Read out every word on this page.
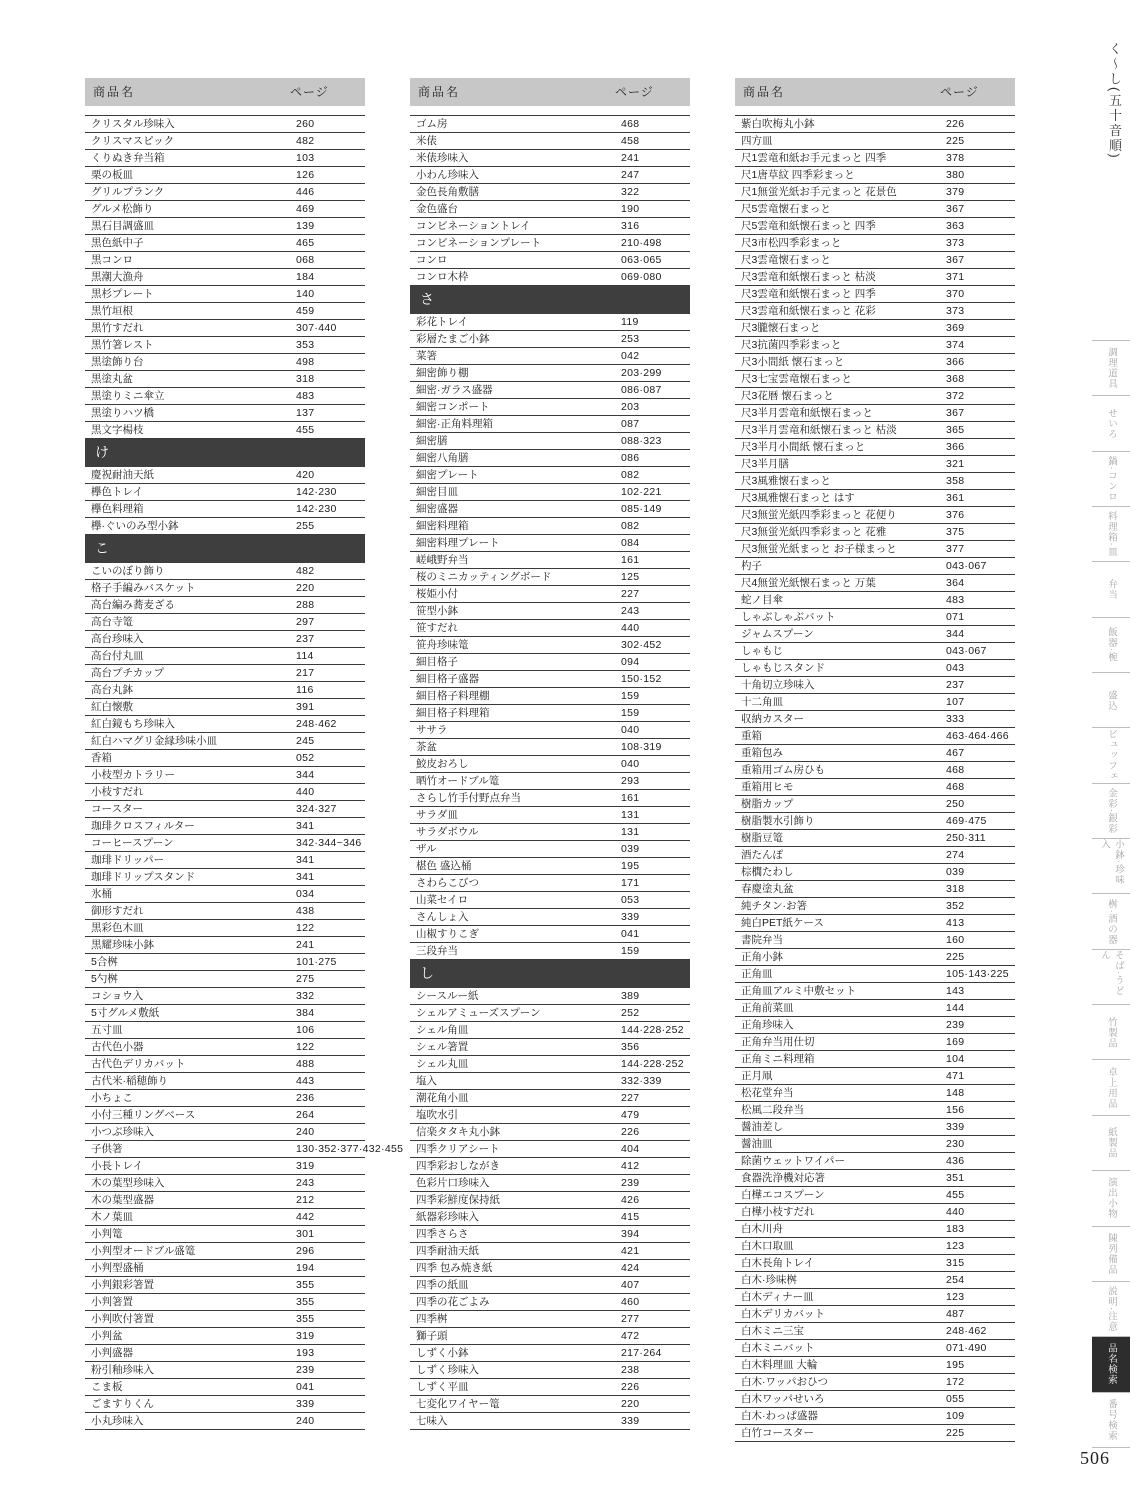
商品名	ページ
クリスタル珍味入	260
クリスマスピック	482
くりぬき弁当箱	103
栗の板皿	126
グリルプランク	446
グルメ松飾り	469
黒石目調盛皿	139
黒色紙中子	465
黒コンロ	068
黒潮大漁舟	184
黒杉プレート	140
黒竹垣根	459
黒竹すだれ	307·440
黒竹箸レスト	353
黒塗飾り台	498
黒塗丸盆	318
黒塗りミニ傘立	483
黒塗りハツ橋	137
黒文字楊枝	455
け
慶祝耐油天紙	420
欅色トレイ	142·230
欅色料理箱	142·230
欅·ぐいのみ型小鉢	255
こ
こいのぼり飾り	482
格子手編みバスケット	220
高台編み蕎麦ざる	288
高台寺篭	297
高台珍味入	237
高台付丸皿	114
高台プチカップ	217
高台丸鉢	116
紅白懐敷	391
紅白鏡もち珍味入	248·462
紅白ハマグリ金縁珍味小皿	245
香箱	052
小枝型カトラリー	344
小枝すだれ	440
コースター	324·327
珈琲クロスフィルター	341
コーヒースプーン	342·344~346
珈琲ドリッパー	341
珈琲ドリップスタンド	341
氷桶	034
御形すだれ	438
黒彩色木皿	122
黒耀珍味小鉢	241
5合桝	101·275
5勺桝	275
コショウ入	332
5寸グルメ敷紙	384
五寸皿	106
古代色小器	122
古代色デリカバット	488
古代米·稲穂飾り	443
小ちょこ	236
小付三種リングベース	264
小つぶ珍味入	240
子供箸	130·352·377·432·455
小長トレイ	319
木の葉型珍味入	243
木の葉型盛器	212
木ノ葉皿	442
小判篭	301
小判型オードブル盛篭	296
小判型盛桶	194
小判銀彩箸置	355
小判箸置	355
小判吹付箸置	355
小判盆	319
小判盛器	193
粉引釉珍味入	239
こま板	041
ごますりくん	339
小丸珍味入	240
商品名	ページ
ゴム房	468
米俵	458
米俵珍味入	241
小わん珍味入	247
金色長角敷膳	322
金色盛台	190
コンビネーショントレイ	316
コンビネーションプレート	210·498
コンロ	063·065
コンロ木枠	069·080
さ
彩花トレイ	119
彩層たまご小鉢	253
菜箸	042
細密飾り棚	203·299
細密·ガラス盛器	086·087
細密コンポート	203
細密·正角料理箱	087
細密膳	088·323
細密八角膳	086
細密プレート	082
細密目皿	102·221
細密盛器	085·149
細密料理箱	082
細密料理プレート	084
嵯峨野弁当	161
桜のミニカッティングボード	125
桜姫小付	227
笹型小鉢	243
笹すだれ	440
笹舟珍味篭	302·452
細目格子	094
細目格子盛器	150·152
細目格子料理棚	159
細目格子料理箱	159
ササラ	040
茶盆	108·319
鮫皮おろし	040
晒竹オードブル篭	293
さらし竹手付野点弁当	161
サラダ皿	131
サラダボウル	131
ザル	039
椹色 盛込桶	195
さわらこびつ	171
山菜セイロ	053
さんしょ入	339
山椒すりこぎ	041
三段弁当	159
し
シースルー紙	389
シェルアミューズスプーン	252
シェル角皿	144·228·252
シェル箸置	356
シェル丸皿	144·228·252
塩入	332·339
潮花角小皿	227
塩吹水引	479
信楽タタキ丸小鉢	226
四季クリアシート	404
四季彩おしながき	412
色彩片口珍味入	239
四季彩鮮度保持紙	426
紙器彩珍味入	415
四季さらさ	394
四季耐油天紙	421
四季 包み焼き紙	424
四季の紙皿	407
四季の花ごよみ	460
四季桝	277
獅子頭	472
しずく小鉢	217·264
しずく珍味入	238
しずく平皿	226
七変化ワイヤー篭	220
七味入	339
商品名	ページ
紫白吹梅丸小鉢	226
四方皿	225
尺1雲竜和紙お手元まっと 四季	378
尺1唐草紋 四季彩まっと	380
尺1無蛍光紙お手元まっと 花景色	379
尺5雲竜懐石まっと	367
尺5雲竜和紙懐石まっと 四季	363
尺3市松四季彩まっと	373
尺3雲竜懐石まっと	367
尺3雲竜和紙懐石まっと 枯淡	371
尺3雲竜和紙懐石まっと 四季	370
尺3雲竜和紙懐石まっと 花彩	373
尺3朧懐石まっと	369
尺3抗菌四季彩まっと	374
尺3小間紙 懐石まっと	366
尺3七宝雲竜懐石まっと	368
尺3花暦 懐石まっと	372
尺3半月雲竜和紙懐石まっと	367
尺3半月雲竜和紙懐石まっと 枯淡	365
尺3半月小間紙 懐石まっと	366
尺3半月膳	321
尺3風雅懐石まっと	358
尺3風雅懐石まっと はす	361
尺3無蛍光紙四季彩まっと 花便り	376
尺3無蛍光紙四季彩まっと 花雅	375
尺3無蛍光紙まっと お子様まっと	377
杓子	043·067
尺4無蛍光紙懐石まっと 万葉	364
蛇ノ目傘	483
しゃぶしゃぶバット	071
ジャムスプーン	344
しゃもじ	043·067
しゃもじスタンド	043
十角切立珍味入	237
十二角皿	107
収納カスター	333
重箱	463·464·466
重箱包み	467
重箱用ゴム房ひも	468
重箱用ヒモ	468
樹脂カップ	250
樹脂製水引飾り	469·475
樹脂豆篭	250·311
酒たんぽ	274
棕櫚たわし	039
春慶塗丸盆	318
純チタン·お箸	352
純白PET紙ケース	413
書院弁当	160
正角小鉢	225
正角皿	105·143·225
正角皿アルミ中敷セット	143
正角前菜皿	144
正角珍味入	239
正角弁当用仕切	169
正角ミニ料理箱	104
正月凧	471
松花堂弁当	148
松風二段弁当	156
醤油差し	339
醤油皿	230
除菌ウェットワイパー	436
食器洗浄機対応箸	351
白樺エコスプーン	455
白樺小枝すだれ	440
白木川舟	183
白木口取皿	123
白木長角トレイ	315
白木·珍味桝	254
白木ディナー皿	123
白木デリカバット	487
白木ミニ三宝	248·462
白木ミニバット	071·490
白木料理皿 大輪	195
白木·ワッパおひつ	172
白木ワッパせいろ	055
白木·わっぱ盛器	109
白竹コースター	225
く〜し(五十音順)
調理道具
せいろ
鍋·コンロ
料理箱·皿
弁当
飯器·椀
盛込
ビュッフェ
金彩·銀彩
小鉢·珍味入
桝·酒の器
そば·うどん
竹製品
卓上用品
紙製品
演出小物
陳列備品
説明·注意
品名検索
番号検索
506
